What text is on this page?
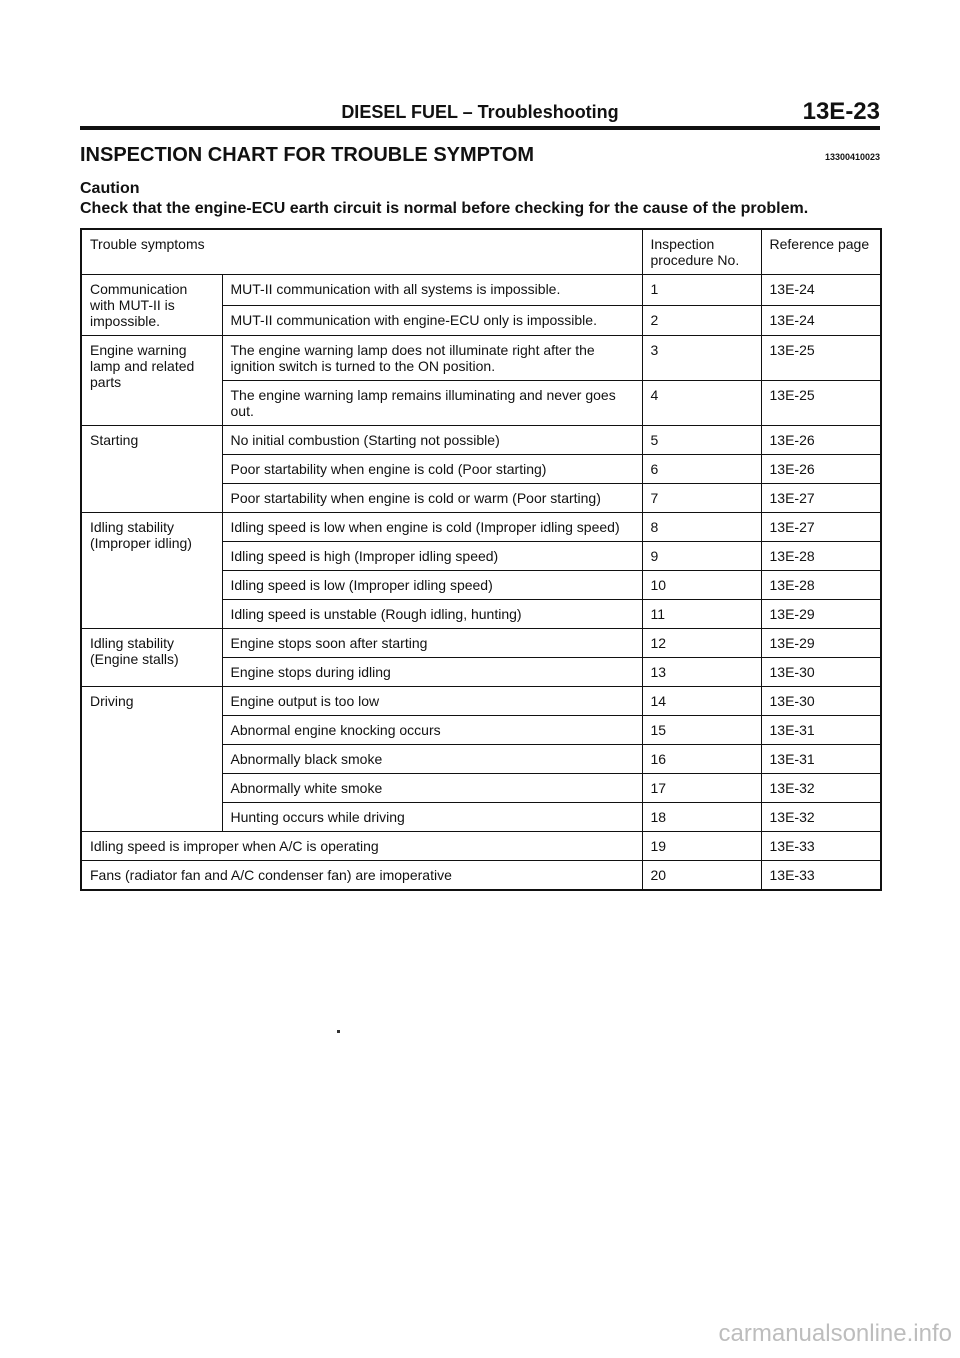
DIESEL FUEL – Troubleshooting	13E-23
INSPECTION CHART FOR TROUBLE SYMPTOM	13300410023
Caution
Check that the engine-ECU earth circuit is normal before checking for the cause of the problem.
Trouble symptoms		Inspection procedure No.	Reference page
Communication with MUT-II is impossible.	MUT-II communication with all systems is impossible.	1	13E-24
	MUT-II communication with engine-ECU only is impossible.	2	13E-24
Engine warning lamp and related parts	The engine warning lamp does not illuminate right after the ignition switch is turned to the ON position.	3	13E-25
	The engine warning lamp remains illuminating and never goes out.	4	13E-25
Starting	No initial combustion (Starting not possible)	5	13E-26
	Poor startability when engine is cold (Poor starting)	6	13E-26
	Poor startability when engine is cold or warm (Poor starting)	7	13E-27
Idling stability (Improper idling)	Idling speed is low when engine is cold (Improper idling speed)	8	13E-27
	Idling speed is high (Improper idling speed)	9	13E-28
	Idling speed is low (Improper idling speed)	10	13E-28
	Idling speed is unstable (Rough idling, hunting)	11	13E-29
Idling stability (Engine stalls)	Engine stops soon after starting	12	13E-29
	Engine stops during idling	13	13E-30
Driving	Engine output is too low	14	13E-30
	Abnormal engine knocking occurs	15	13E-31
	Abnormally black smoke	16	13E-31
	Abnormally white smoke	17	13E-32
	Hunting occurs while driving	18	13E-32
Idling speed is improper when A/C is operating		19	13E-33
Fans (radiator fan and A/C condenser fan) are imoperative		20	13E-33
carmanualsonline.info
